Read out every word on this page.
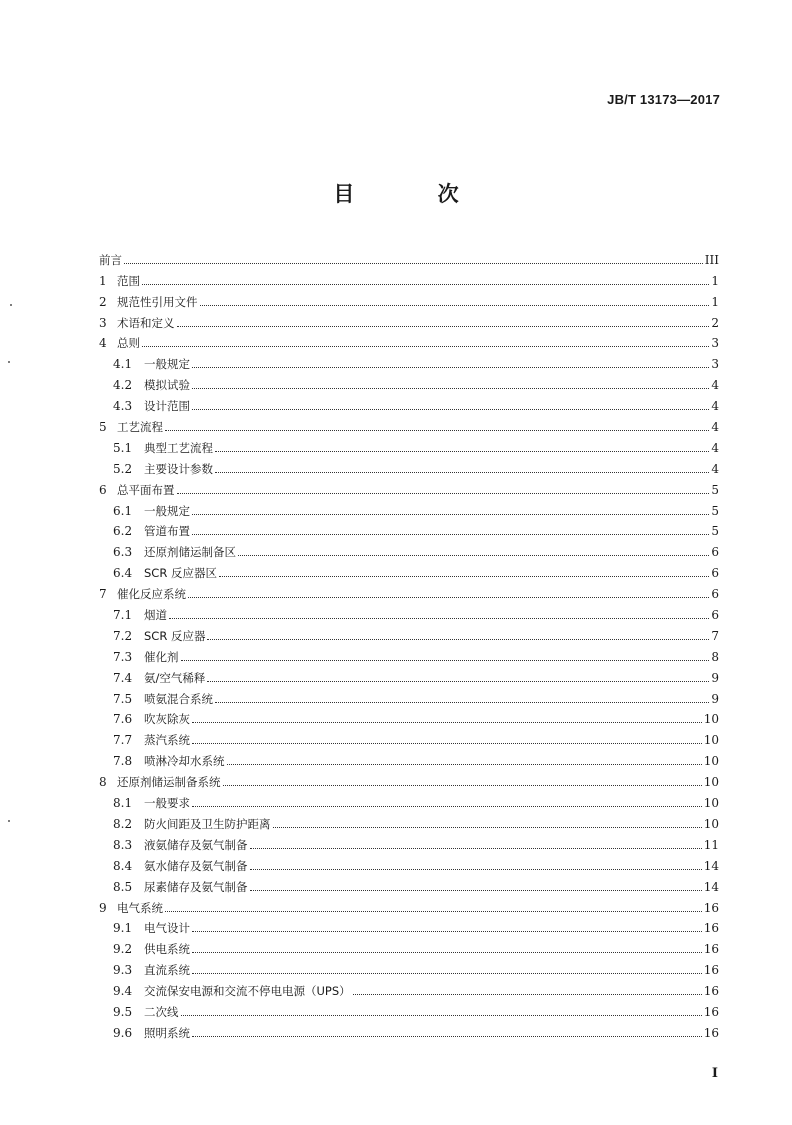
JB/T 13173—2017
目 次
前言	III
1 范围	1
2 规范性引用文件	1
3 术语和定义	2
4 总则	3
4.1	一般规定	3
4.2	模拟试验	4
4.3	设计范围	4
5 工艺流程	4
5.1	典型工艺流程	4
5.2	主要设计参数	4
6 总平面布置	5
6.1	一般规定	5
6.2	管道布置	5
6.3	还原剂储运制备区	6
6.4	SCR 反应器区	6
7 催化反应系统	6
7.1	烟道	6
7.2	SCR 反应器	7
7.3	催化剂	8
7.4	氨/空气稀释	9
7.5	喷氨混合系统	9
7.6	吹灰除灰	10
7.7	蒸汽系统	10
7.8	喷淋冷却水系统	10
8 还原剂储运制备系统	10
8.1	一般要求	10
8.2	防火间距及卫生防护距离	10
8.3	液氨储存及氨气制备	11
8.4	氨水储存及氨气制备	14
8.5	尿素储存及氨气制备	14
9 电气系统	16
9.1	电气设计	16
9.2	供电系统	16
9.3	直流系统	16
9.4	交流保安电源和交流不停电电源（UPS）	16
9.5	二次线	16
9.6	照明系统	16
I
